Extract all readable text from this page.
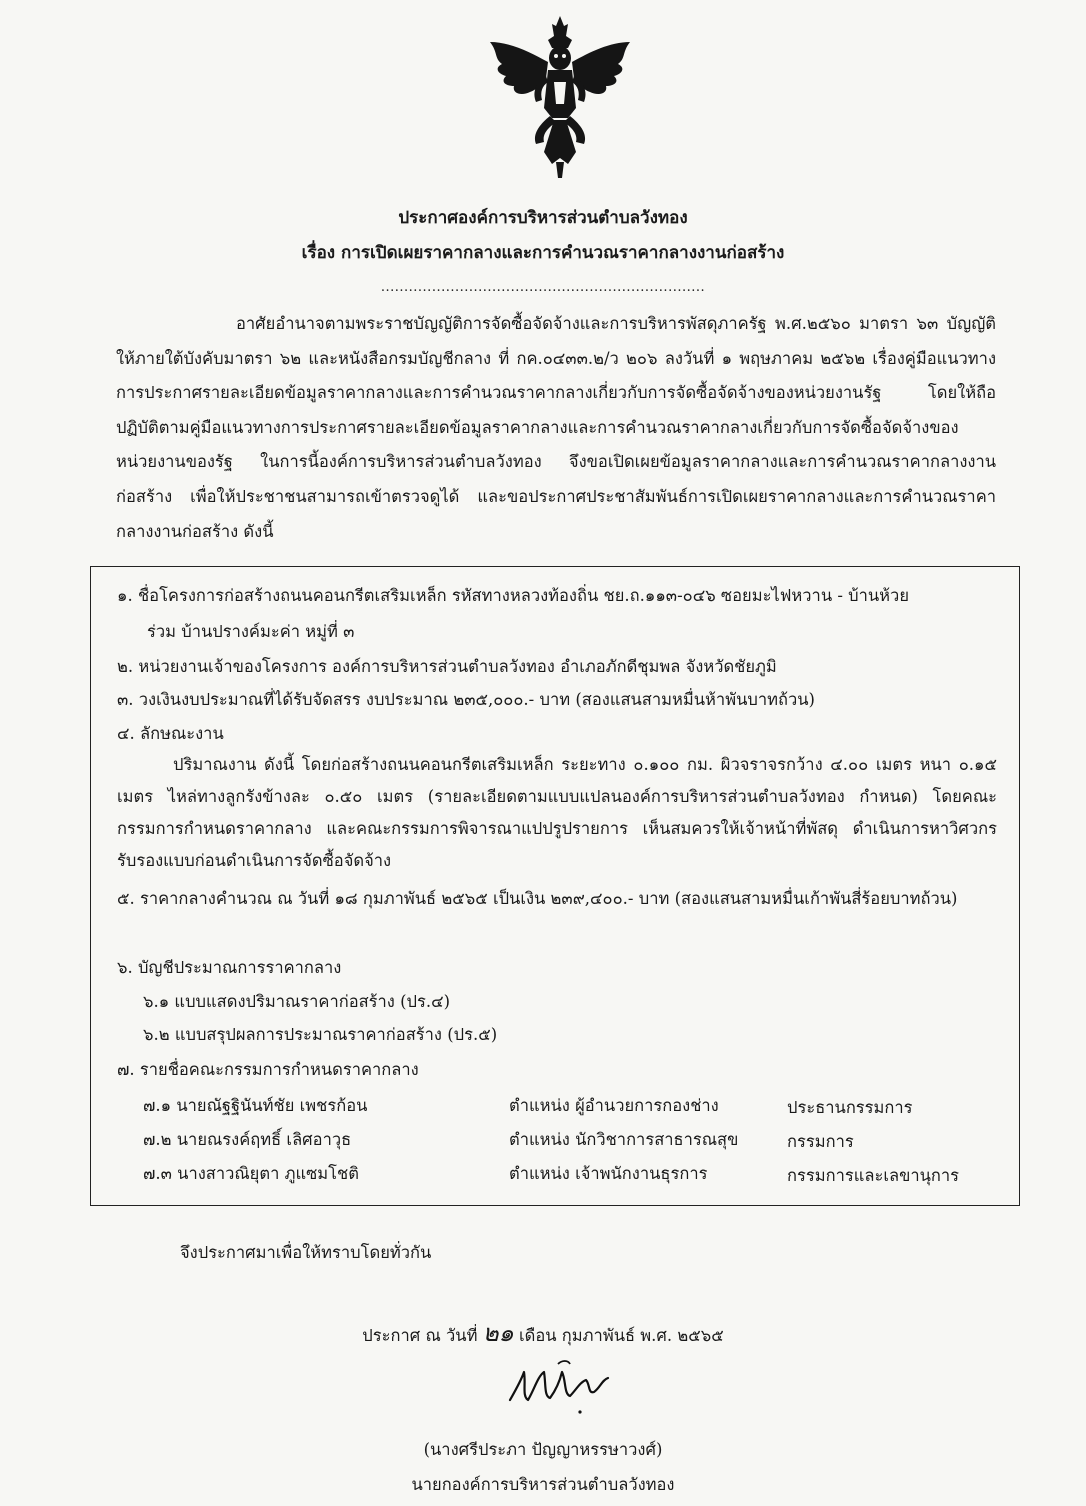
ประกาศองค์การบริหารส่วนตำบลวังทอง
เรื่อง การเปิดเผยราคากลางและการคำนวณราคากลางงานก่อสร้าง
......................................................................

อาศัยอำนาจตามพระราชบัญญัติการจัดซื้อจัดจ้างและการบริหารพัสดุภาครัฐ พ.ศ.๒๕๖๐ มาตรา ๖๓ บัญญัติให้ภายใต้บังคับมาตรา ๖๒ และหนังสือกรมบัญชีกลาง ที่ กค.๐๔๓๓.๒/ว ๒๐๖ ลงวันที่ ๑ พฤษภาคม ๒๕๖๒ เรื่องคู่มือแนวทางการประกาศรายละเอียดข้อมูลราคากลางและการคำนวณราคากลางเกี่ยวกับการจัดซื้อจัดจ้างของหน่วยงานรัฐ โดยให้ถือปฏิบัติตามคู่มือแนวทางการประกาศรายละเอียดข้อมูลราคากลางและการคำนวณราคากลางเกี่ยวกับการจัดซื้อจัดจ้างของหน่วยงานของรัฐ ในการนี้องค์การบริหารส่วนตำบลวังทอง จึงขอเปิดเผยข้อมูลราคากลางและการคำนวณราคากลางงานก่อสร้าง เพื่อให้ประชาชนสามารถเข้าตรวจดูได้ และขอประกาศประชาสัมพันธ์การเปิดเผยราคากลางและการคำนวณราคากลางงานก่อสร้าง ดังนี้

๑. ชื่อโครงการก่อสร้างถนนคอนกรีตเสริมเหล็ก รหัสทางหลวงท้องถิ่น ชย.ถ.๑๑๓-๐๔๖ ซอยมะไฟหวาน - บ้านห้วย
ร่วม บ้านปรางค์มะค่า หมู่ที่ ๓
๒. หน่วยงานเจ้าของโครงการ องค์การบริหารส่วนตำบลวังทอง อำเภอภักดีชุมพล จังหวัดชัยภูมิ
๓. วงเงินงบประมาณที่ได้รับจัดสรร งบประมาณ ๒๓๕,๐๐๐.- บาท (สองแสนสามหมื่นห้าพันบาทถ้วน)
๔. ลักษณะงาน
ปริมาณงาน ดังนี้ โดยก่อสร้างถนนคอนกรีตเสริมเหล็ก ระยะทาง ๐.๑๐๐ กม. ผิวจราจรกว้าง ๔.๐๐ เมตร หนา ๐.๑๕ เมตร ไหล่ทางลูกรังข้างละ ๐.๕๐ เมตร (รายละเอียดตามแบบแปลนองค์การบริหารส่วนตำบลวังทอง กำหนด) โดยคณะกรรมการกำหนดราคากลาง และคณะกรรมการพิจารณาแปปรูปรายการ เห็นสมควรให้เจ้าหน้าที่พัสดุ ดำเนินการหาวิศวกรรับรองแบบก่อนดำเนินการจัดซื้อจัดจ้าง
๕. ราคากลางคำนวณ ณ วันที่ ๑๘ กุมภาพันธ์ ๒๕๖๕ เป็นเงิน ๒๓๙,๔๐๐.- บาท (สองแสนสามหมื่นเก้าพันสี่ร้อยบาทถ้วน)
๖. บัญชีประมาณการราคากลาง
๖.๑ แบบแสดงปริมาณราคาก่อสร้าง (ปร.๔)
๖.๒ แบบสรุปผลการประมาณราคาก่อสร้าง (ปร.๕)
๗. รายชื่อคณะกรรมการกำหนดราคากลาง
๗.๑ นายณัฐฐินันท์ชัย เพชรก้อน	ตำแหน่ง ผู้อำนวยการกองช่าง	ประธานกรรมการ
๗.๒ นายณรงค์ฤทธิ์ เลิศอาวุธ	ตำแหน่ง นักวิชาการสาธารณสุข	กรรมการ
๗.๓ นางสาวณิยุตา ภูแซมโชติ	ตำแหน่ง เจ้าพนักงานธุรการ	กรรมการและเลขานุการ
จึงประกาศมาเพื่อให้ทราบโดยทั่วกัน
ประกาศ ณ วันที่ ๒๑ เดือน กุมภาพันธ์ พ.ศ. ๒๕๖๕
(นางศรีประภา ปัญญาหรรษาวงศ์)
นายกองค์การบริหารส่วนตำบลวังทอง
